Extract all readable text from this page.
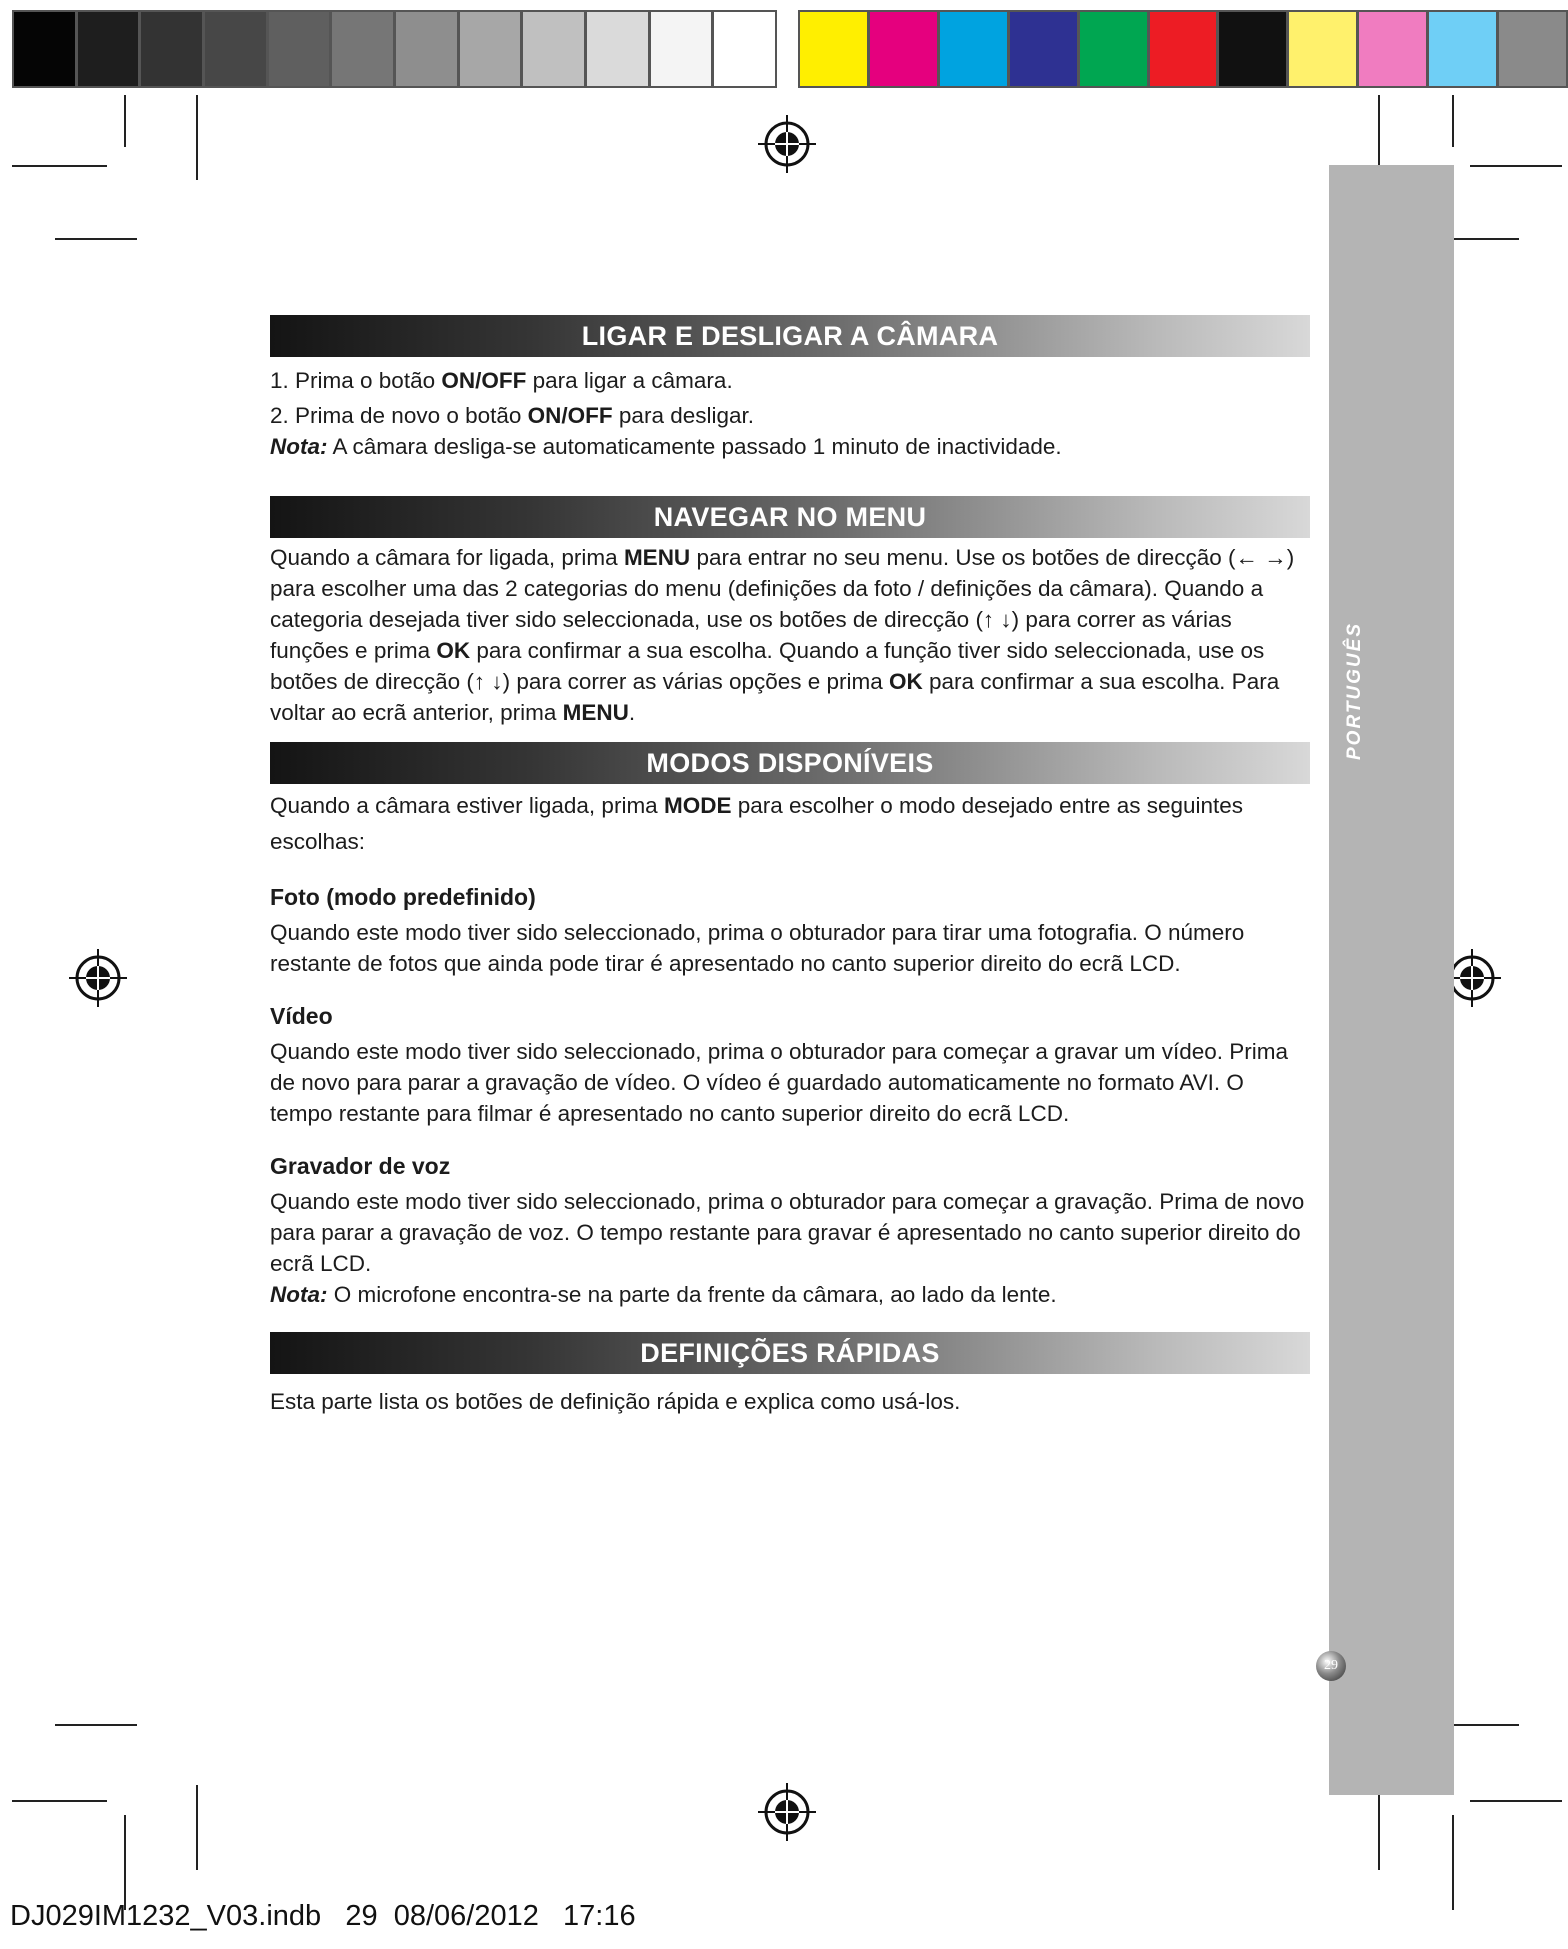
PORTUGUÊS
29
LIGAR E DESLIGAR A CÂMARA

1. Prima o botão ON/OFF para ligar a câmara.

2. Prima de novo o botão ON/OFF para desligar.

Nota: A câmara desliga-se automaticamente passado 1 minuto de inactividade.

NAVEGAR NO MENU

Quando a câmara for ligada, prima MENU para entrar no seu menu. Use os botões de direcção (← →) para escolher uma das 2 categorias do menu (definições da foto / definições da câmara). Quando a categoria desejada tiver sido seleccionada, use os botões de direcção (↑ ↓) para correr as várias funções e prima OK para confirmar a sua escolha. Quando a função tiver sido seleccionada, use os botões de direcção (↑ ↓) para correr as várias opções e prima OK para confirmar a sua escolha. Para voltar ao ecrã anterior, prima MENU.

MODOS DISPONÍVEIS

Quando a câmara estiver ligada, prima MODE para escolher o modo desejado entre as seguintes escolhas:

Foto (modo predefinido)

Quando este modo tiver sido seleccionado, prima o obturador para tirar uma fotografia. O número restante de fotos que ainda pode tirar é apresentado no canto superior direito do ecrã LCD.

Vídeo

Quando este modo tiver sido seleccionado, prima o obturador para começar a gravar um vídeo. Prima de novo para parar a gravação de vídeo. O vídeo é guardado automaticamente no formato AVI. O tempo restante para filmar é apresentado no canto superior direito do ecrã LCD.

Gravador de voz

Quando este modo tiver sido seleccionado, prima o obturador para começar a gravação. Prima de novo para parar a gravação de voz. O tempo restante para gravar é apresentado no canto superior direito do ecrã LCD.

Nota: O microfone encontra-se na parte da frente da câmara, ao lado da lente.

DEFINIÇÕES RÁPIDAS

Esta parte lista os botões de definição rápida e explica como usá-los.

DJ029IM1232_V03.indb   29  08/06/2012   17:16
